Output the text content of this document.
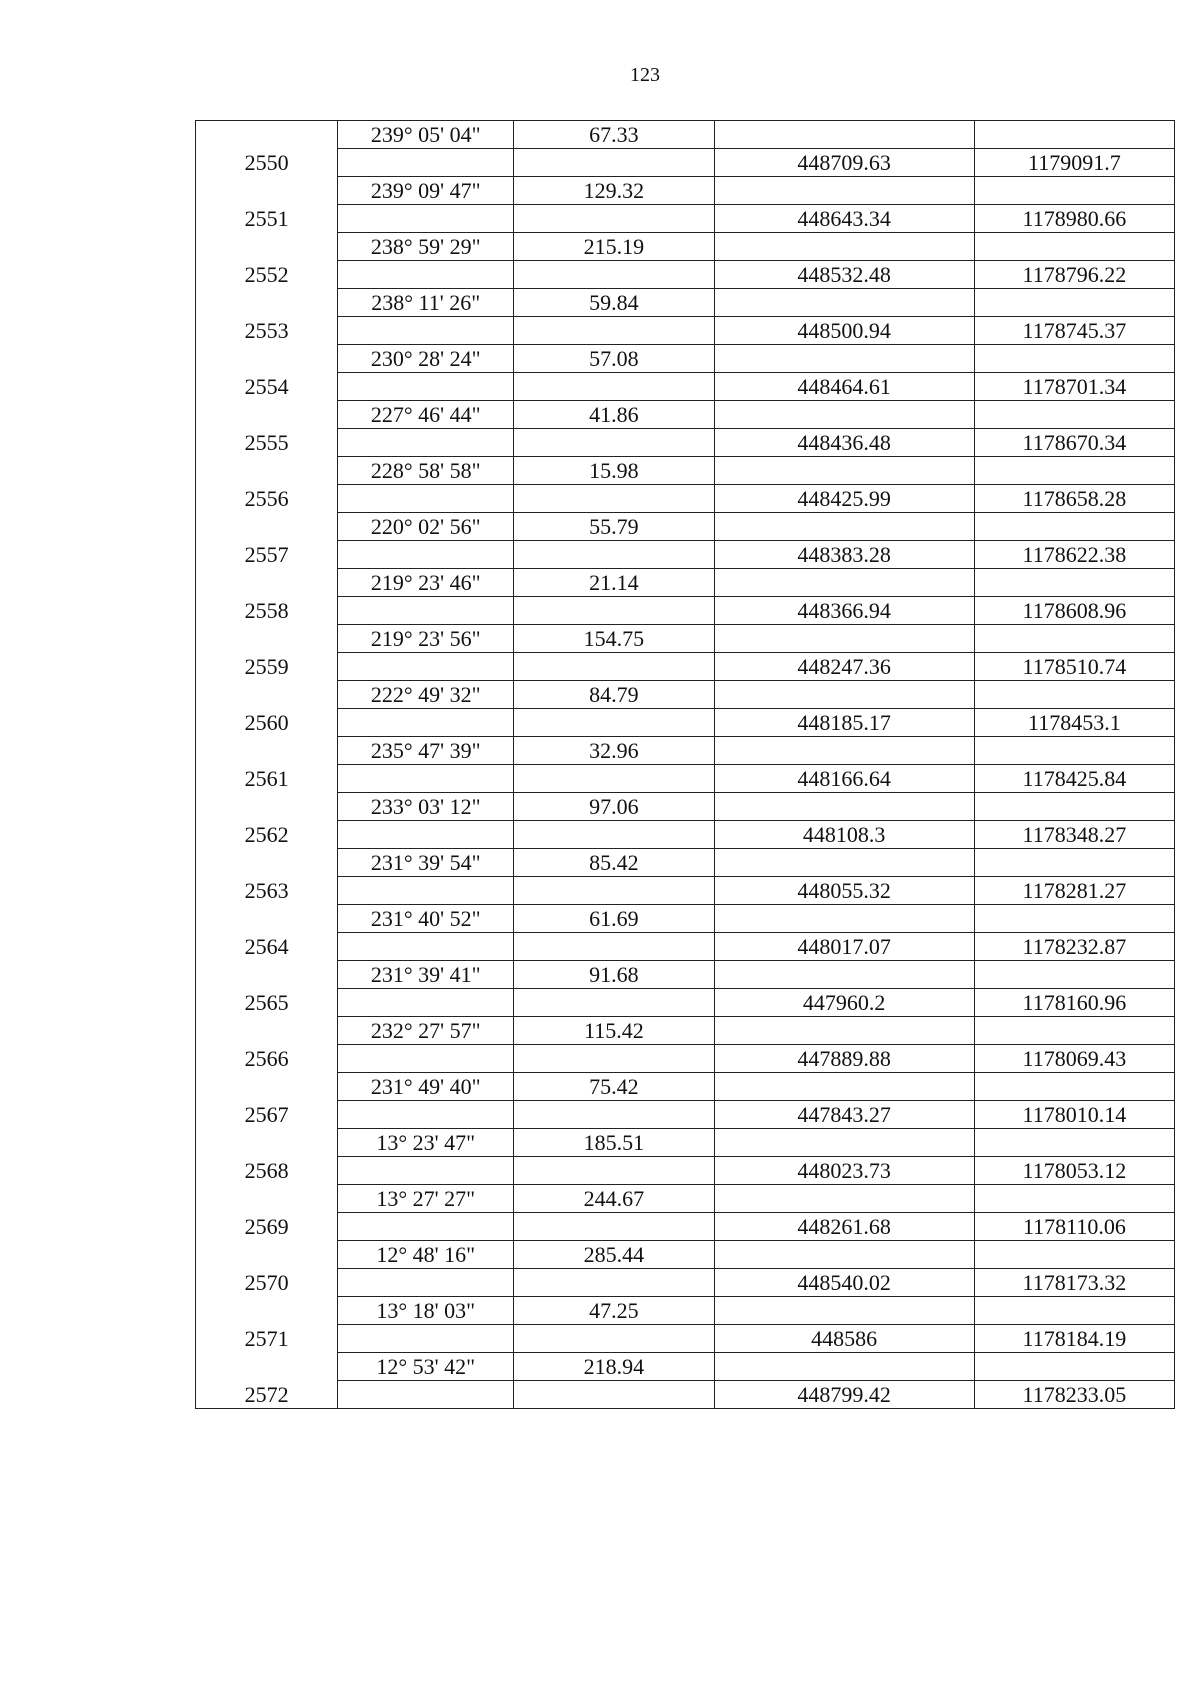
123
	239° 05' 04"	67.33		
2550			448709.63	1179091.7
	239° 09' 47"	129.32		
2551			448643.34	1178980.66
	238° 59' 29"	215.19		
2552			448532.48	1178796.22
	238° 11' 26"	59.84		
2553			448500.94	1178745.37
	230° 28' 24"	57.08		
2554			448464.61	1178701.34
	227° 46' 44"	41.86		
2555			448436.48	1178670.34
	228° 58' 58"	15.98		
2556			448425.99	1178658.28
	220° 02' 56"	55.79		
2557			448383.28	1178622.38
	219° 23' 46"	21.14		
2558			448366.94	1178608.96
	219° 23' 56"	154.75		
2559			448247.36	1178510.74
	222° 49' 32"	84.79		
2560			448185.17	1178453.1
	235° 47' 39"	32.96		
2561			448166.64	1178425.84
	233° 03' 12"	97.06		
2562			448108.3	1178348.27
	231° 39' 54"	85.42		
2563			448055.32	1178281.27
	231° 40' 52"	61.69		
2564			448017.07	1178232.87
	231° 39' 41"	91.68		
2565			447960.2	1178160.96
	232° 27' 57"	115.42		
2566			447889.88	1178069.43
	231° 49' 40"	75.42		
2567			447843.27	1178010.14
	13° 23' 47"	185.51		
2568			448023.73	1178053.12
	13° 27' 27"	244.67		
2569			448261.68	1178110.06
	12° 48' 16"	285.44		
2570			448540.02	1178173.32
	13° 18' 03"	47.25		
2571			448586	1178184.19
	12° 53' 42"	218.94		
2572			448799.42	1178233.05
